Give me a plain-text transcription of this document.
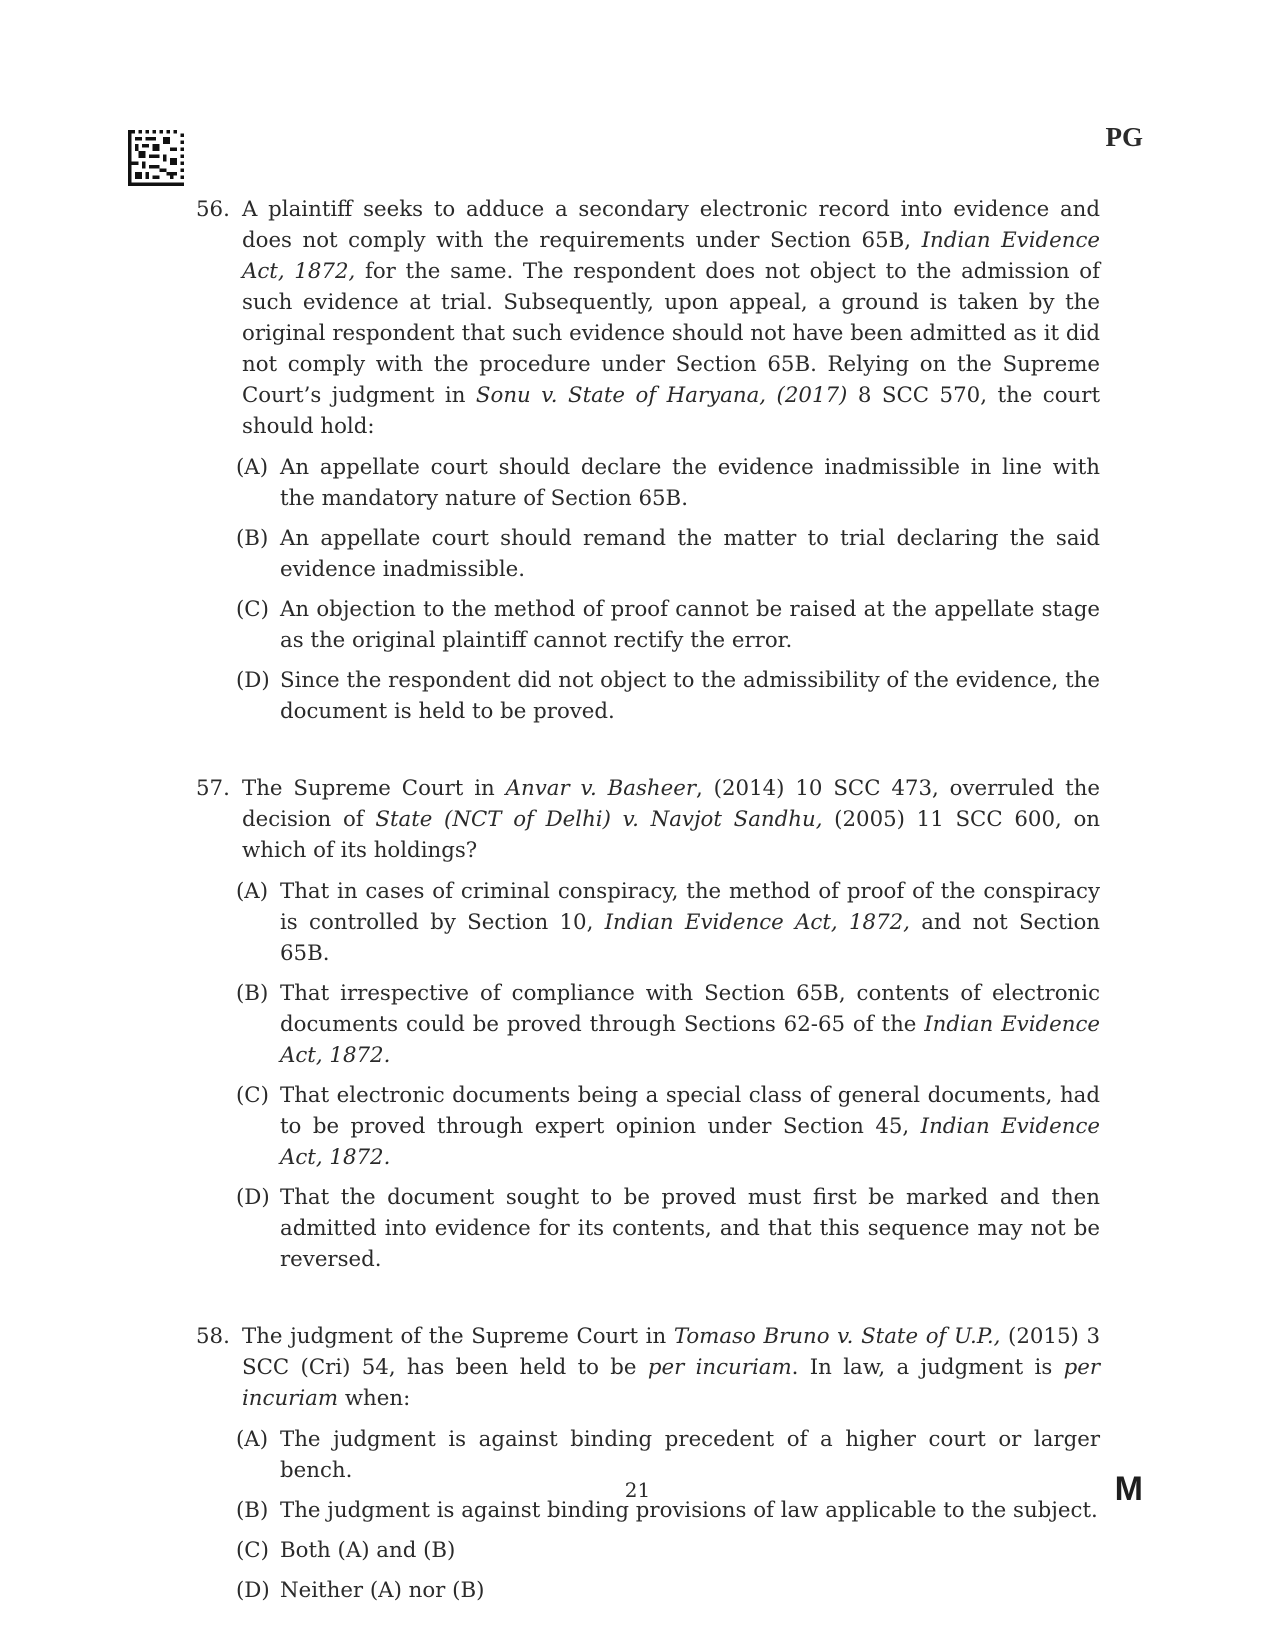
PG
56. A plaintiff seeks to adduce a secondary electronic record into evidence and does not comply with the requirements under Section 65B, Indian Evidence Act, 1872, for the same. The respondent does not object to the admission of such evidence at trial. Subsequently, upon appeal, a ground is taken by the original respondent that such evidence should not have been admitted as it did not comply with the procedure under Section 65B. Relying on the Supreme Court’s judgment in Sonu v. State of Haryana, (2017) 8 SCC 570, the court should hold:
(A) An appellate court should declare the evidence inadmissible in line with the mandatory nature of Section 65B.
(B) An appellate court should remand the matter to trial declaring the said evidence inadmissible.
(C) An objection to the method of proof cannot be raised at the appellate stage as the original plaintiff cannot rectify the error.
(D) Since the respondent did not object to the admissibility of the evidence, the document is held to be proved.
57. The Supreme Court in Anvar v. Basheer, (2014) 10 SCC 473, overruled the decision of State (NCT of Delhi) v. Navjot Sandhu, (2005) 11 SCC 600, on which of its holdings?
(A) That in cases of criminal conspiracy, the method of proof of the conspiracy is controlled by Section 10, Indian Evidence Act, 1872, and not Section 65B.
(B) That irrespective of compliance with Section 65B, contents of electronic documents could be proved through Sections 62-65 of the Indian Evidence Act, 1872.
(C) That electronic documents being a special class of general documents, had to be proved through expert opinion under Section 45, Indian Evidence Act, 1872.
(D) That the document sought to be proved must first be marked and then admitted into evidence for its contents, and that this sequence may not be reversed.
58. The judgment of the Supreme Court in Tomaso Bruno v. State of U.P., (2015) 3 SCC (Cri) 54, has been held to be per incuriam. In law, a judgment is per incuriam when:
(A) The judgment is against binding precedent of a higher court or larger bench.
(B) The judgment is against binding provisions of law applicable to the subject.
(C) Both (A) and (B)
(D) Neither (A) nor (B)
21	M
